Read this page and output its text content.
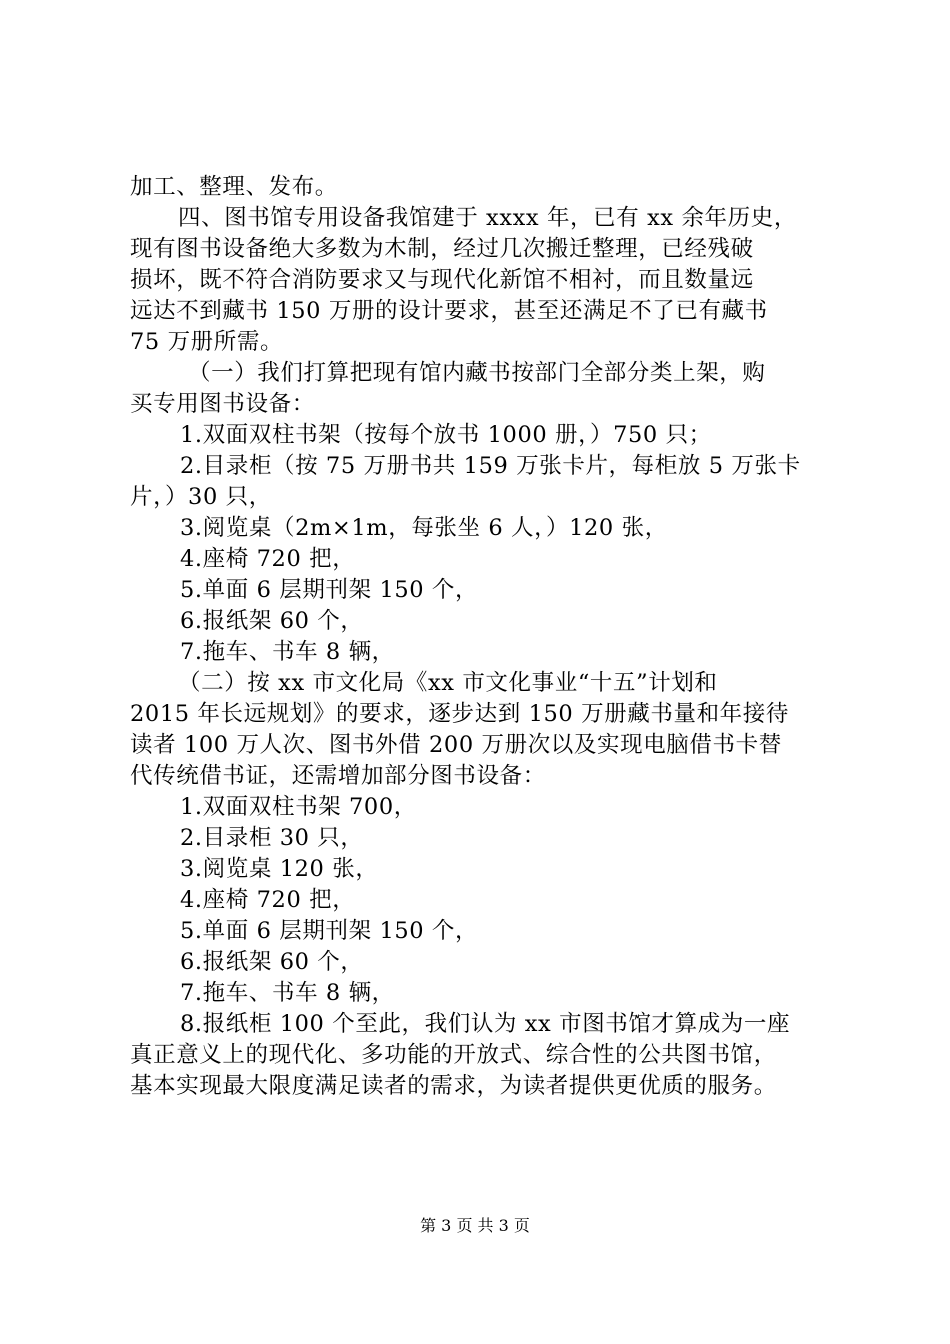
加工、整理、发布。
四、图书馆专用设备我馆建于 xxxx 年，已有 xx 余年历史，
现有图书设备绝大多数为木制，经过几次搬迁整理，已经残破
损坏，既不符合消防要求又与现代化新馆不相衬，而且数量远
远达不到藏书 150 万册的设计要求，甚至还满足不了已有藏书
75 万册所需。
（一）我们打算把现有馆内藏书按部门全部分类上架，购
买专用图书设备：
1.双面双柱书架（按每个放书 1000 册，）750 只；
2.目录柜（按 75 万册书共 159 万张卡片，每柜放 5 万张卡
片，）30 只，
3.阅览桌（2m×1m，每张坐 6 人，）120 张，
4.座椅 720 把，
5.单面 6 层期刊架 150 个，
6.报纸架 60 个，
7.拖车、书车 8 辆，
（二）按 xx 市文化局《xx 市文化事业“十五”计划和
2015 年长远规划》的要求，逐步达到 150 万册藏书量和年接待
读者 100 万人次、图书外借 200 万册次以及实现电脑借书卡替
代传统借书证，还需增加部分图书设备：
1.双面双柱书架 700，
2.目录柜 30 只，
3.阅览桌 120 张，
4.座椅 720 把，
5.单面 6 层期刊架 150 个，
6.报纸架 60 个，
7.拖车、书车 8 辆，
8.报纸柜 100 个至此，我们认为 xx 市图书馆才算成为一座
真正意义上的现代化、多功能的开放式、综合性的公共图书馆，
基本实现最大限度满足读者的需求，为读者提供更优质的服务。
第 3 页 共 3 页
